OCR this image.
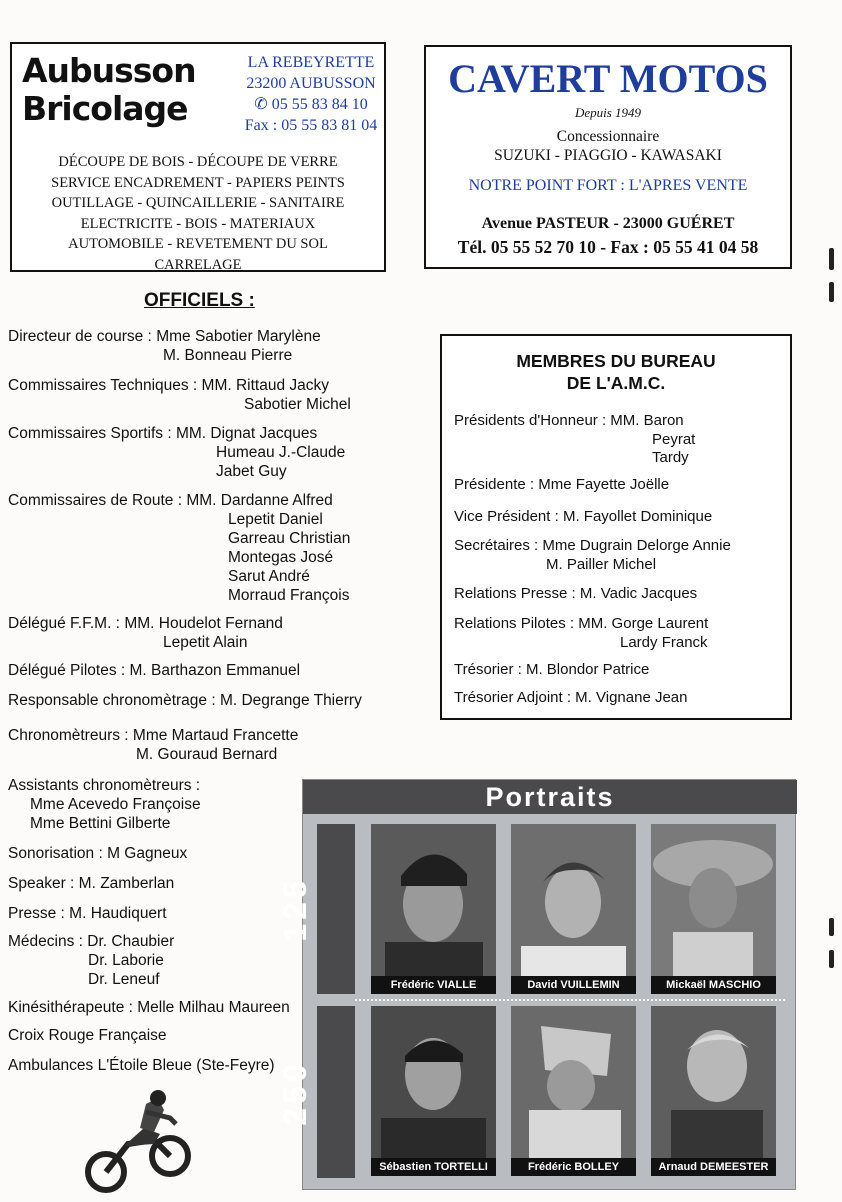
Aubusson
Bricolage
LA REBEYRETTE
23200 AUBUSSON
✆ 05 55 83 84 10
Fax : 05 55 83 81 04
DÉCOUPE DE BOIS - DÉCOUPE DE VERRE
SERVICE ENCADREMENT - PAPIERS PEINTS
OUTILLAGE - QUINCAILLERIE - SANITAIRE
ELECTRICITE - BOIS - MATERIAUX
AUTOMOBILE - REVETEMENT DU SOL
CARRELAGE
CAVERT MOTOS
Depuis 1949
Concessionnaire
SUZUKI - PIAGGIO - KAWASAKI
NOTRE POINT FORT : L'APRES VENTE
Avenue PASTEUR - 23000 GUÉRET
Tél. 05 55 52 70 10 - Fax : 05 55 41 04 58
OFFICIELS :
Directeur de course : Mme Sabotier Marylène
M. Bonneau Pierre
Commissaires Techniques : MM. Rittaud Jacky
Sabotier Michel
Commissaires Sportifs : MM. Dignat Jacques
Humeau J.-Claude
Jabet Guy
Commissaires de Route : MM. Dardanne Alfred
Lepetit Daniel
Garreau Christian
Montegas José
Sarut André
Morraud François
Délégué F.F.M. : MM. Houdelot Fernand
Lepetit Alain
Délégué Pilotes : M. Barthazon Emmanuel
Responsable chronomètrage : M. Degrange Thierry
Chronomètreurs : Mme Martaud Francette
M. Gouraud Bernard
Assistants chronomètreurs :
Mme Acevedo Françoise
Mme Bettini Gilberte
Sonorisation : M Gagneux
Speaker : M. Zamberlan
Presse : M. Haudiquert
Médecins : Dr. Chaubier
Dr. Laborie
Dr. Leneuf
Kinésithérapeute : Melle Milhau Maureen
Croix Rouge Française
Ambulances L'Étoile Bleue (Ste-Feyre)
MEMBRES DU BUREAU
DE L'A.M.C.
Présidents d'Honneur : MM. Baron
Peyrat
Tardy
Présidente : Mme Fayette Joëlle
Vice Président : M. Fayollet Dominique
Secrétaires : Mme Dugrain Delorge Annie
M. Pailler Michel
Relations Presse : M. Vadic Jacques
Relations Pilotes : MM. Gorge Laurent
Lardy Franck
Trésorier : M. Blondor Patrice
Trésorier Adjoint : M. Vignane Jean
Portraits
125
250
Frédéric VIALLE	David VUILLEMIN	Mickaël MASCHIO
Sébastien TORTELLI	Frédéric BOLLEY	Arnaud DEMEESTER
